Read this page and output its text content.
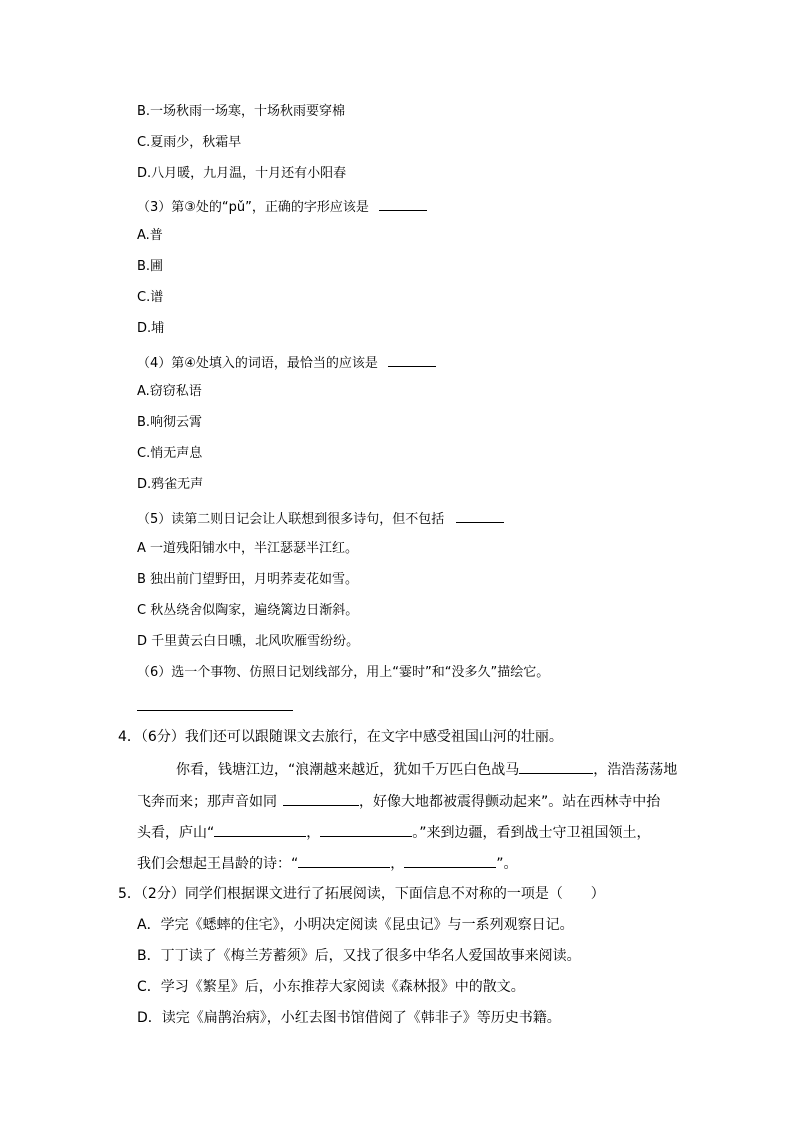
B.一场秋雨一场寒，十场秋雨要穿棉
C.夏雨少，秋霜早
D.八月暖，九月温，十月还有小阳春
（3）第③处的“pǔ”，正确的字形应该是
A.普
B.圃
C.谱
D.埔
（4）第④处填入的词语，最恰当的应该是
A.窃窃私语
B.响彻云霄
C.悄无声息
D.鸦雀无声
（5）读第二则日记会让人联想到很多诗句，但不包括
A 一道残阳铺水中，半江瑟瑟半江红。
B 独出前门望野田，月明荞麦花如雪。
C 秋丛绕舍似陶家，遍绕篱边日渐斜。
D 千里黄云白日曛，北风吹雁雪纷纷。
（6）选一个事物、仿照日记划线部分，用上“霎时”和“没多久”描绘它。
4．（6分）我们还可以跟随课文去旅行，在文字中感受祖国山河的壮丽。
你看，钱塘江边，“浪潮越来越近，犹如千万匹白色战马	，浩浩荡荡地
飞奔而来；那声音如同	，好像大地都被震得颤动起来”。站在西林寺中抬
头看，庐山“	，	。”来到边疆，看到战士守卫祖国领土，
我们会想起王昌龄的诗：“	，	”。
5．（2分）同学们根据课文进行了拓展阅读，下面信息不对称的一项是（　　）
A．学完《蟋蟀的住宅》，小明决定阅读《昆虫记》与一系列观察日记。
B．丁丁读了《梅兰芳蓄须》后，又找了很多中华名人爱国故事来阅读。
C．学习《繁星》后，小东推荐大家阅读《森林报》中的散文。
D．读完《扁鹊治病》，小红去图书馆借阅了《韩非子》等历史书籍。
